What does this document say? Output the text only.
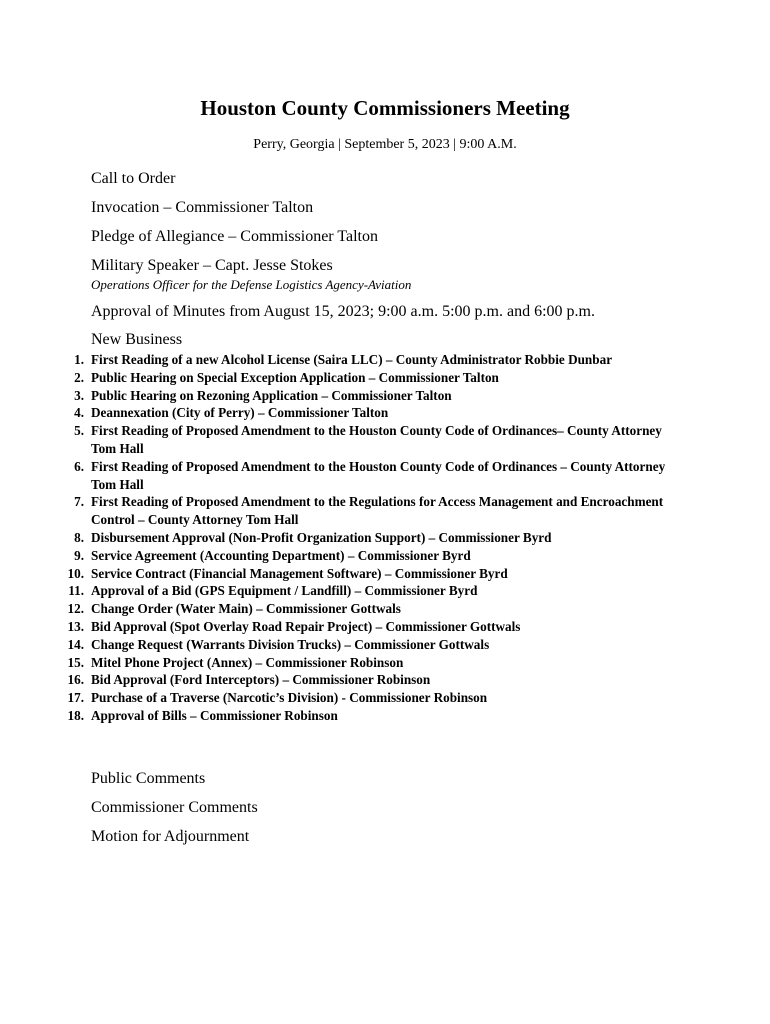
Houston County Commissioners Meeting
Perry, Georgia | September 5, 2023 | 9:00 A.M.
Call to Order
Invocation – Commissioner Talton
Pledge of Allegiance – Commissioner Talton
Military Speaker – Capt. Jesse Stokes
Operations Officer for the Defense Logistics Agency-Aviation
Approval of Minutes from August 15, 2023; 9:00 a.m. 5:00 p.m. and 6:00 p.m.
New Business
1. First Reading of a new Alcohol License (Saira LLC) – County Administrator Robbie Dunbar
2. Public Hearing on Special Exception Application – Commissioner Talton
3. Public Hearing on Rezoning Application – Commissioner Talton
4. Deannexation (City of Perry) – Commissioner Talton
5. First Reading of Proposed Amendment to the Houston County Code of Ordinances– County Attorney Tom Hall
6. First Reading of Proposed Amendment to the Houston County Code of Ordinances – County Attorney Tom Hall
7. First Reading of Proposed Amendment to the Regulations for Access Management and Encroachment Control – County Attorney Tom Hall
8. Disbursement Approval (Non-Profit Organization Support) – Commissioner Byrd
9. Service Agreement (Accounting Department) – Commissioner Byrd
10. Service Contract (Financial Management Software) – Commissioner Byrd
11. Approval of a Bid (GPS Equipment / Landfill) – Commissioner Byrd
12. Change Order (Water Main) – Commissioner Gottwals
13. Bid Approval (Spot Overlay Road Repair Project) – Commissioner Gottwals
14. Change Request (Warrants Division Trucks) – Commissioner Gottwals
15. Mitel Phone Project (Annex) – Commissioner Robinson
16. Bid Approval (Ford Interceptors) – Commissioner Robinson
17. Purchase of a Traverse (Narcotic’s Division) - Commissioner Robinson
18. Approval of Bills – Commissioner Robinson
Public Comments
Commissioner Comments
Motion for Adjournment
